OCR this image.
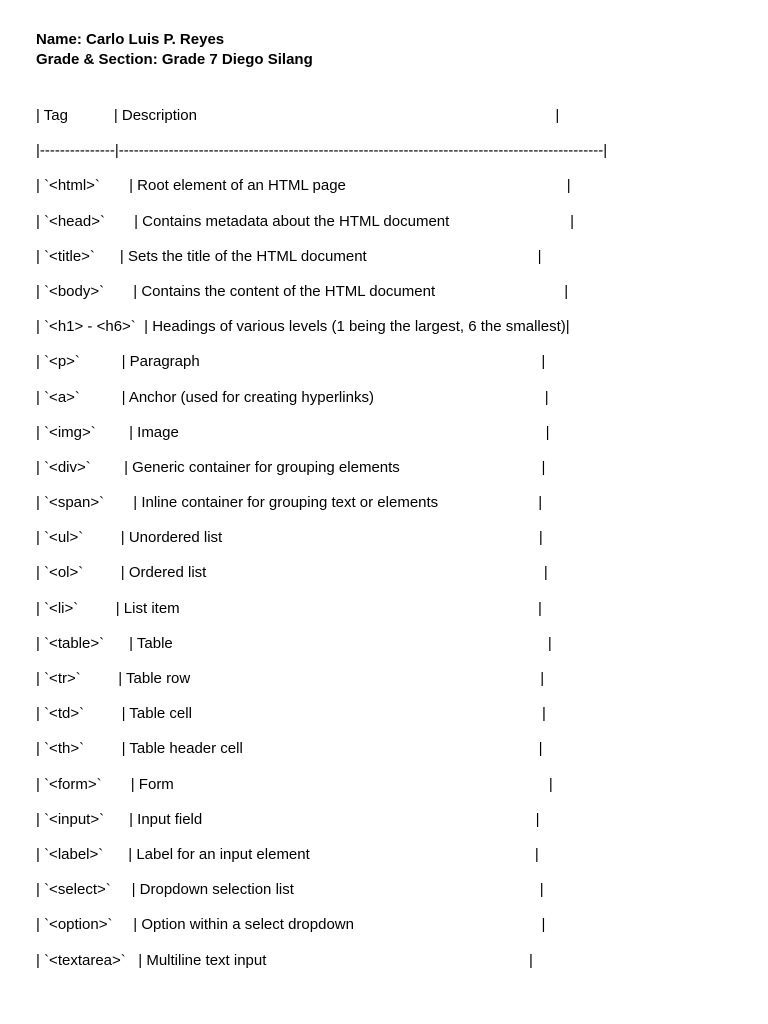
Name: Carlo Luis P. Reyes
Grade & Section: Grade 7 Diego Silang
| Tag           | Description                                                                                      |
|---------------|-------------------------------------------------------------------------------------------------|
| `<html>`       | Root element of an HTML page                                                     |
| `<head>`       | Contains metadata about the HTML document                             |
| `<title>`      | Sets the title of the HTML document                                         |
| `<body>`       | Contains the content of the HTML document                               |
| `<h1> - <h6>`  | Headings of various levels (1 being the largest, 6 the smallest)|
| `<p>`          | Paragraph                                                                                  |
| `<a>`          | Anchor (used for creating hyperlinks)                                         |
| `<img>`        | Image                                                                                        |
| `<div>`        | Generic container for grouping elements                                  |
| `<span>`       | Inline container for grouping text or elements                        |
| `<ul>`         | Unordered list                                                                            |
| `<ol>`         | Ordered list                                                                                 |
| `<li>`         | List item                                                                                      |
| `<table>`      | Table                                                                                          |
| `<tr>`         | Table row                                                                                    |
| `<td>`         | Table cell                                                                                    |
| `<th>`         | Table header cell                                                                       |
| `<form>`       | Form                                                                                          |
| `<input>`      | Input field                                                                                |
| `<label>`      | Label for an input element                                                      |
| `<select>`     | Dropdown selection list                                                           |
| `<option>`     | Option within a select dropdown                                             |
| `<textarea>`   | Multiline text input                                                               |
